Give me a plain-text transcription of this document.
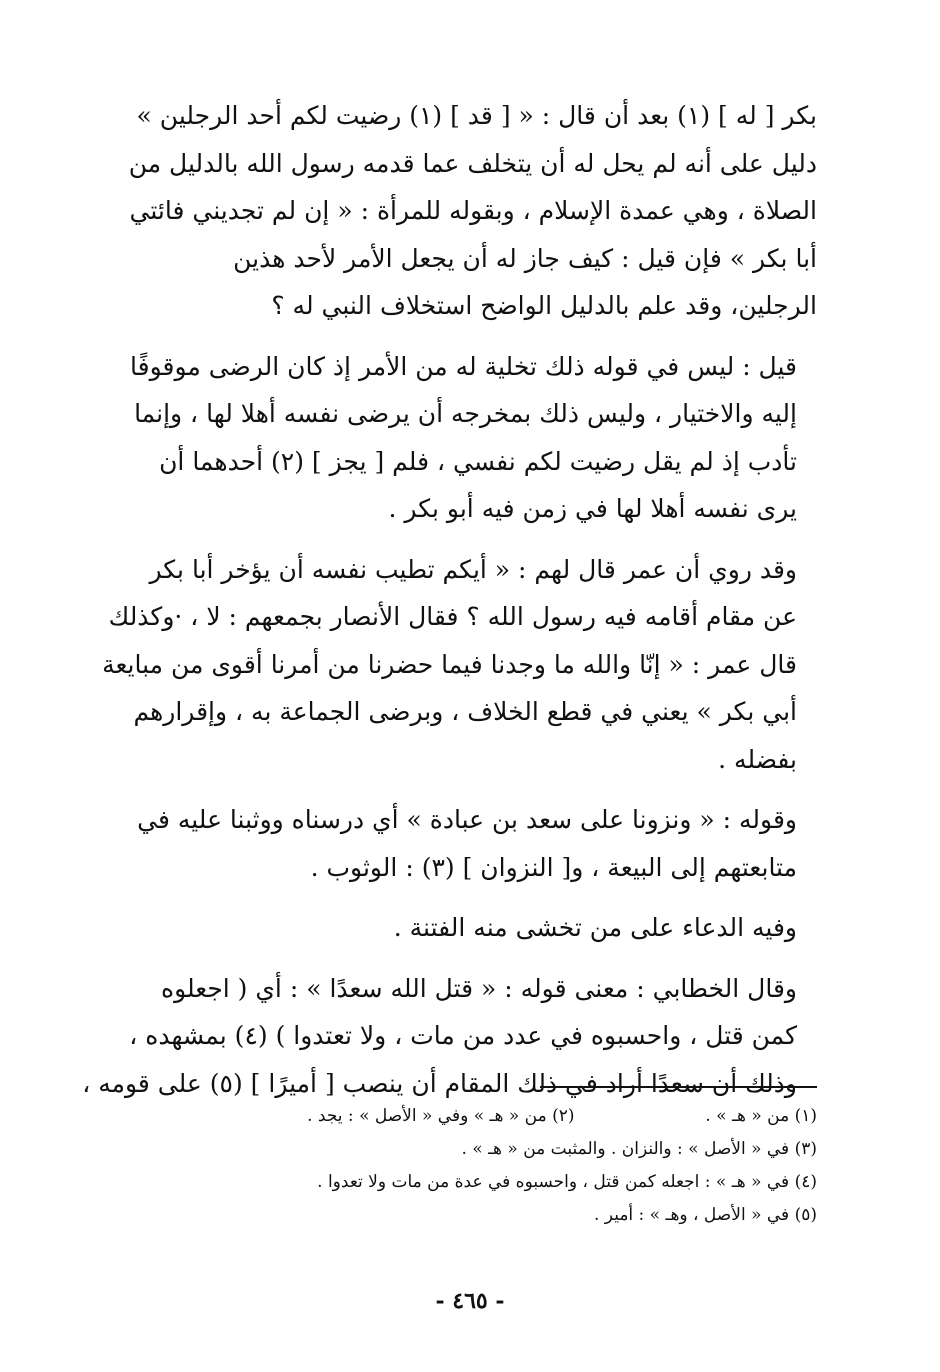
بكر [ له ] (١) بعد أن قال : « [ قد ] (١) رضيت لكم أحد الرجلين »
دليل على أنه لم يحل له أن يتخلف عما قدمه رسول الله بالدليل من
الصلاة ، وهي عمدة الإسلام ، وبقوله للمرأة : « إن لم تجديني فائتي
أبا بكر » فإن قيل : كيف جاز له أن يجعل الأمر لأحد هذين
الرجلين، وقد علم بالدليل الواضح استخلاف النبي له ؟

قيل : ليس في قوله ذلك تخلية له من الأمر إذ كان الرضى موقوفًا
إليه والاختيار ، وليس ذلك بمخرجه أن يرضى نفسه أهلا لها ، وإنما
تأدب إذ لم يقل رضيت لكم نفسي ، فلم [ يجز ] (٢) أحدهما أن
يرى نفسه أهلا لها في زمن فيه أبو بكر .

وقد روي أن عمر قال لهم : « أيكم تطيب نفسه أن يؤخر أبا بكر
عن مقام أقامه فيه رسول الله ؟ فقال الأنصار بجمعهم : لا ، ·وكذلك
قال عمر : « إنّا والله ما وجدنا فيما حضرنا من أمرنا أقوى من مبايعة
أبي بكر » يعني في قطع الخلاف ، وبرضى الجماعة به ، وإقرارهم
بفضله .

وقوله : « ونزونا على سعد بن عبادة » أي درسناه ووثبنا عليه في
متابعتهم إلى البيعة ، و[ النزوان ] (٣) : الوثوب .

وفيه الدعاء على من تخشى منه الفتنة .

وقال الخطابي : معنى قوله : « قتل الله سعدًا » : أي ( اجعلوه
كمن قتل ، واحسبوه في عدد من مات ، ولا تعتدوا ) (٤) بمشهده ،
وذلك أن سعدًا أراد في ذلك المقام أن ينصب [ أميرًا ] (٥) على قومه ،

(١) من « هـ » .  (٢) من « هـ » وفي « الأصل » : يجد .
(٣) في « الأصل » : والنزان . والمثبت من « هـ » .
(٤) في « هـ » : اجعله كمن قتل ، واحسبوه في عدة من مات ولا تعدوا .
(٥) في « الأصل ، وهـ » : أمير .
- ٤٦٥ -
